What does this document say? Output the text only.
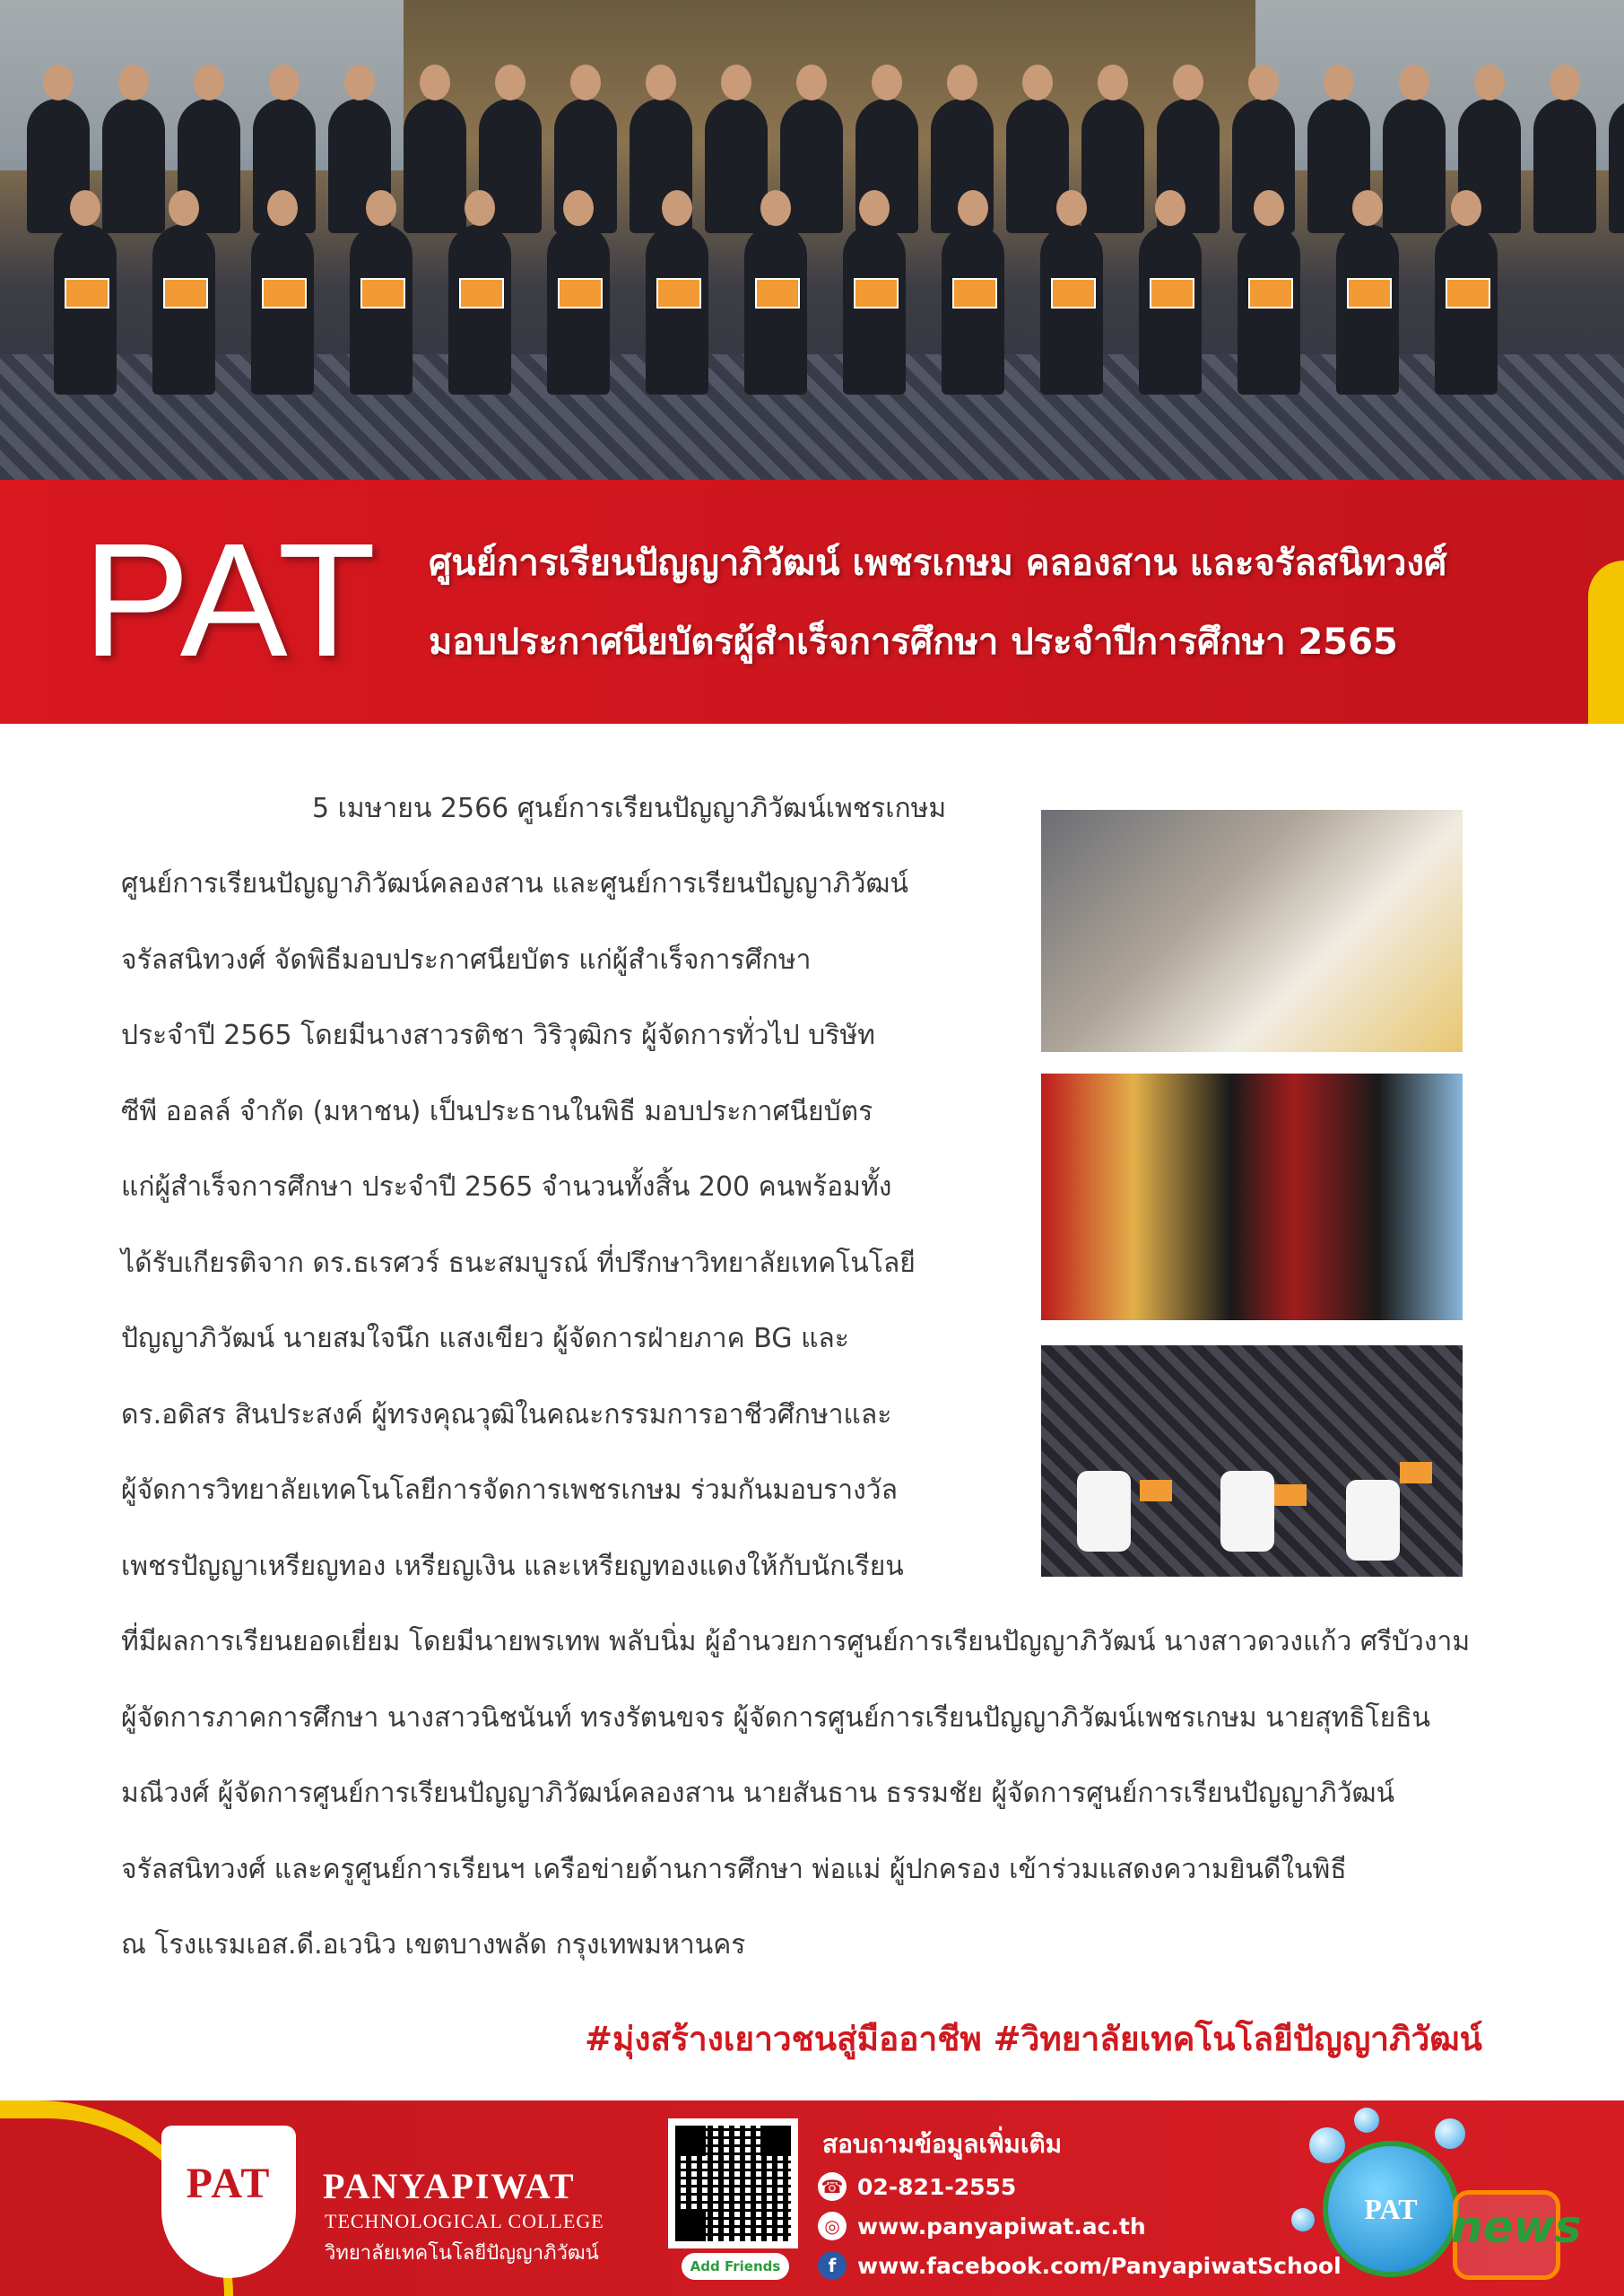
PAT ศูนย์การเรียนปัญญาภิวัฒน์ เพชรเกษม คลองสาน และจรัลสนิทวงศ์
มอบประกาศนียบัตรผู้สำเร็จการศึกษา ประจำปีการศึกษา 2565
5 เมษายน 2566 ศูนย์การเรียนปัญญาภิวัฒน์เพชรเกษม
ศูนย์การเรียนปัญญาภิวัฒน์คลองสาน และศูนย์การเรียนปัญญาภิวัฒน์
จรัลสนิทวงศ์ จัดพิธีมอบประกาศนียบัตร แก่ผู้สำเร็จการศึกษา
ประจำปี 2565 โดยมีนางสาวรติชา วิริวุฒิกร ผู้จัดการทั่วไป บริษัท
ซีพี ออลล์ จำกัด (มหาชน) เป็นประธานในพิธี มอบประกาศนียบัตร
แก่ผู้สำเร็จการศึกษา ประจำปี 2565 จำนวนทั้งสิ้น 200 คนพร้อมทั้ง
ได้รับเกียรติจาก ดร.ธเรศวร์ ธนะสมบูรณ์ ที่ปรึกษาวิทยาลัยเทคโนโลยี
ปัญญาภิวัฒน์ นายสมใจนึก แสงเขียว ผู้จัดการฝ่ายภาค BG และ
ดร.อดิสร สินประสงค์ ผู้ทรงคุณวุฒิในคณะกรรมการอาชีวศึกษาและ
ผู้จัดการวิทยาลัยเทคโนโลยีการจัดการเพชรเกษม ร่วมกันมอบรางวัล
เพชรปัญญาเหรียญทอง เหรียญเงิน และเหรียญทองแดงให้กับนักเรียน
ที่มีผลการเรียนยอดเยี่ยม โดยมีนายพรเทพ พลับนิ่ม ผู้อำนวยการศูนย์การเรียนปัญญาภิวัฒน์ นางสาวดวงแก้ว ศรีบัวงาม
ผู้จัดการภาคการศึกษา นางสาวนิชนันท์ ทรงรัตนขจร ผู้จัดการศูนย์การเรียนปัญญาภิวัฒน์เพชรเกษม นายสุทธิโยธิน
มณีวงศ์ ผู้จัดการศูนย์การเรียนปัญญาภิวัฒน์คลองสาน นายสันธาน ธรรมชัย ผู้จัดการศูนย์การเรียนปัญญาภิวัฒน์
จรัลสนิทวงศ์ และครูศูนย์การเรียนฯ เครือข่ายด้านการศึกษา พ่อแม่ ผู้ปกครอง เข้าร่วมแสดงความยินดีในพิธี
ณ โรงแรมเอส.ดี.อเวนิว เขตบางพลัด กรุงเทพมหานคร
#มุ่งสร้างเยาวชนสู่มืออาชีพ #วิทยาลัยเทคโนโลยีปัญญาภิวัฒน์
PAT	PANYAPIWAT
TECHNOLOGICAL COLLEGE
วิทยาลัยเทคโนโลยีปัญญาภิวัฒน์
Add Friends
สอบถามข้อมูลเพิ่มเติม
☎ 02-821-2555
◎ www.panyapiwat.ac.th
f www.facebook.com/PanyapiwatSchool
PAT news
